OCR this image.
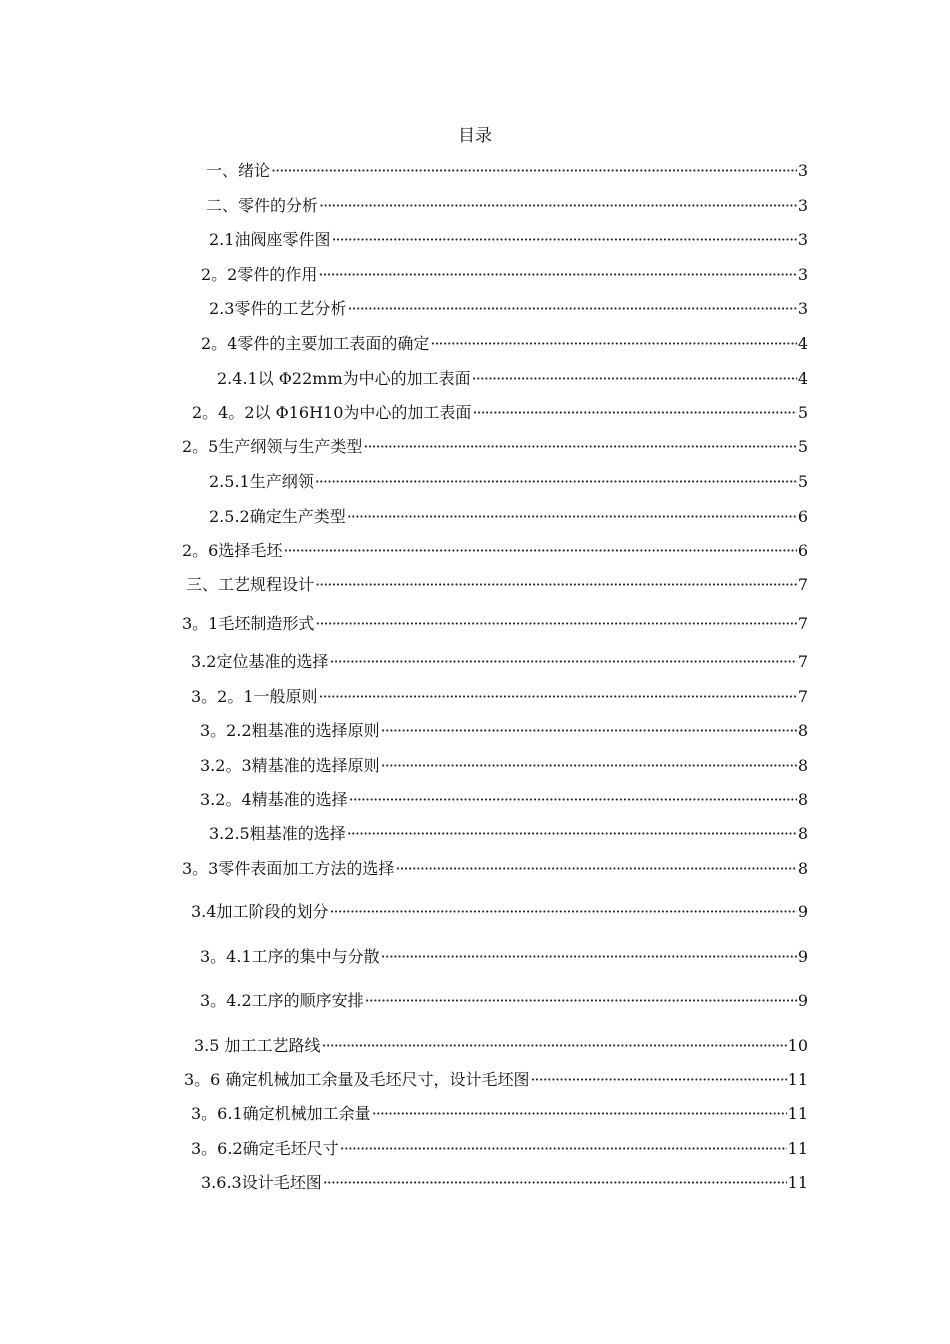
目录
一、绪论 ·····	3
二、零件的分析 ·····	3
2.1油阀座零件图 ·····	3
2。2零件的作用 ·····	3
2.3零件的工艺分析 ·····	3
2。4零件的主要加工表面的确定 ·····	4
2.4.1以 Φ22mm为中心的加工表面 ·····	4
2。4。2以 Φ16H10为中心的加工表面 ·····	5
2。5生产纲领与生产类型 ·····	5
2.5.1生产纲领 ·····	5
2.5.2确定生产类型 ·····	6
2。6选择毛坯 ·····	6
三、工艺规程设计 ·····	7
3。1毛坯制造形式 ·····	7
3.2定位基准的选择 ·····	7
3。2。1一般原则 ·····	7
3。2.2粗基准的选择原则 ·····	8
3.2。3精基准的选择原则 ·····	8
3.2。4精基准的选择 ·····	8
3.2.5粗基准的选择 ·····	8
3。3零件表面加工方法的选择 ·····	8
3.4加工阶段的划分 ·····	9
3。4.1工序的集中与分散 ·····	9
3。4.2工序的顺序安排 ·····	9
3.5 加工工艺路线 ·····	10
3。6 确定机械加工余量及毛坯尺寸，设计毛坯图 ·····	11
3。6.1确定机械加工余量 ·····	11
3。6.2确定毛坯尺寸 ·····	11
3.6.3设计毛坯图 ·····	11
